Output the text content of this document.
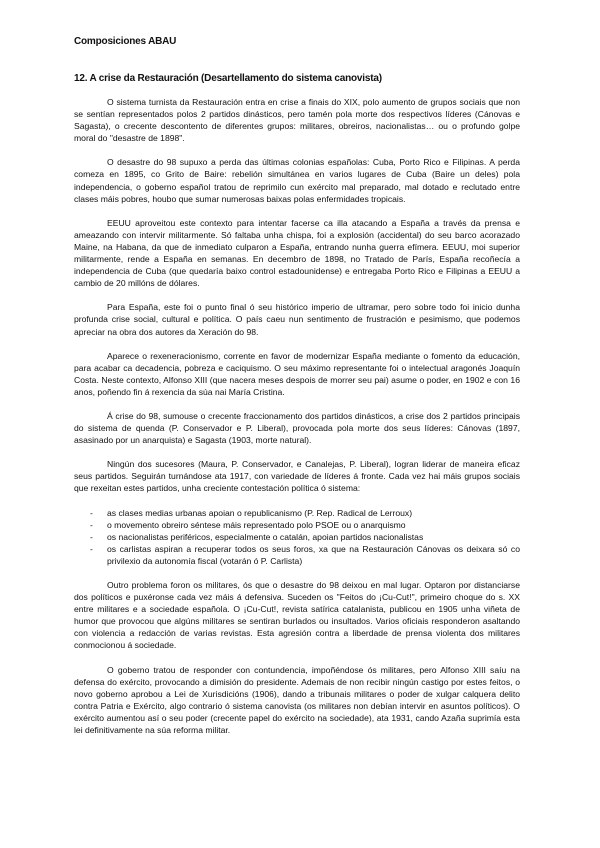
Composiciones ABAU
12. A crise da Restauración (Desartellamento do sistema canovista)

O sistema turnista da Restauración entra en crise a finais do XIX, polo aumento de grupos sociais que non se sentían representados polos 2 partidos dinásticos, pero tamén pola morte dos respectivos líderes (Cánovas e Sagasta), o crecente descontento de diferentes grupos: militares, obreiros, nacionalistas… ou o profundo golpe moral do "desastre de 1898".

O desastre do 98 supuxo a perda das últimas colonias españolas: Cuba, Porto Rico e Filipinas. A perda comeza en 1895, co Grito de Baire: rebelión simultánea en varios lugares de Cuba (Baire un deles) pola independencia, o goberno español tratou de reprimilo cun exército mal preparado, mal dotado e reclutado entre clases máis pobres, houbo que sumar numerosas baixas polas enfermidades tropicais.

EEUU aproveitou este contexto para intentar facerse ca illa atacando a España a través da prensa e ameazando con intervir militarmente. Só faltaba unha chispa, foi a explosión (accidental) do seu barco acorazado Maine, na Habana, da que de inmediato culparon a España, entrando nunha guerra efímera. EEUU, moi superior militarmente, rende a España en semanas. En decembro de 1898, no Tratado de París, España recoñecía a independencia de Cuba (que quedaría baixo control estadounidense) e entregaba Porto Rico e Filipinas a EEUU a cambio de 20 millóns de dólares.

Para España, este foi o punto final ó seu histórico imperio de ultramar, pero sobre todo foi inicio dunha profunda crise social, cultural e política. O país caeu nun sentimento de frustración e pesimismo, que podemos apreciar na obra dos autores da Xeración do 98.

Aparece o rexeneracionismo, corrente en favor de modernizar España mediante o fomento da educación, para acabar ca decadencia, pobreza e caciquismo. O seu máximo representante foi o intelectual aragonés Joaquín Costa. Neste contexto, Alfonso XIII (que nacera meses despois de morrer seu pai) asume o poder, en 1902 e con 16 anos, poñendo fin á rexencia da súa nai María Cristina.

Á crise do 98, sumouse o crecente fraccionamento dos partidos dinásticos, a crise dos 2 partidos principais do sistema de quenda (P. Conservador e P. Liberal), provocada pola morte dos seus líderes: Cánovas (1897, asasinado por un anarquista) e Sagasta (1903, morte natural).

Ningún dos sucesores (Maura, P. Conservador, e Canalejas, P. Liberal), logran liderar de maneira eficaz seus partidos. Seguirán turnándose ata 1917, con variedade de líderes á fronte. Cada vez hai máis grupos sociais que rexeitan estes partidos, unha creciente contestación política ó sistema:

- as clases medias urbanas apoian o republicanismo (P. Rep. Radical de Lerroux)
- o movemento obreiro séntese máis representado polo PSOE ou o anarquismo
- os nacionalistas periféricos, especialmente o catalán, apoian partidos nacionalistas
- os carlistas aspiran a recuperar todos os seus foros, xa que na Restauración Cánovas os deixara só co privilexio da autonomía fiscal (votarán ó P. Carlista)

Outro problema foron os militares, ós que o desastre do 98 deixou en mal lugar. Optaron por distanciarse dos políticos e puxéronse cada vez máis á defensiva. Suceden os "Feitos do ¡Cu-Cut!", primeiro choque do s. XX entre militares e a sociedade española. O ¡Cu-Cut!, revista satírica catalanista, publicou en 1905 unha viñeta de humor que provocou que algúns militares se sentiran burlados ou insultados. Varios oficiais responderon asaltando con violencia a redacción de varias revistas. Esta agresión contra a liberdade de prensa violenta dos militares conmocionou á sociedade.

O goberno tratou de responder con contundencia, impoñéndose ós militares, pero Alfonso XIII saíu na defensa do exército, provocando a dimisión do presidente. Ademais de non recibir ningún castigo por estes feitos, o novo goberno aprobou a Lei de Xurisdicións (1906), dando a tribunais militares o poder de xulgar calquera delito contra Patria e Exército, algo contrario ó sistema canovista (os militares non debían intervir en asuntos políticos). O exército aumentou así o seu poder (crecente papel do exército na sociedade), ata 1931, cando Azaña suprimía esta lei definitivamente na súa reforma militar.
